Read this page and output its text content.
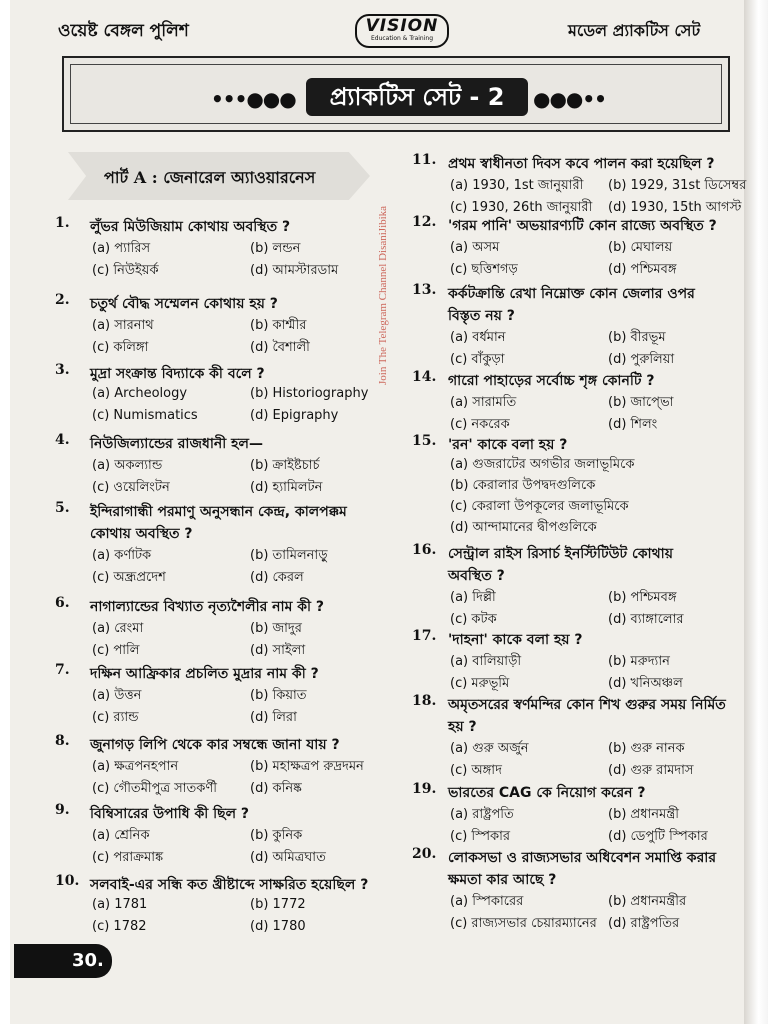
ওয়েষ্ট বেঙ্গল পুলিশ	VISION
Education & Training	মডেল প্র্যাকটিস সেট
•••●●●	প্র্যাকটিস সেট - 2	●●●••
পার্ট A : জেনারেল অ্যাওয়ারনেস
Join The Telegram Channel DisaniJibika
1. লুঁভর মিউজিয়াম কোথায় অবস্থিত ?
(a) প্যারিস	(b) লন্ডন
(c) নিউইয়র্ক	(d) আমস্টারডাম
2. চতুর্থ বৌদ্ধ সম্মেলন কোথায় হয় ?
(a) সারনাথ	(b) কাশ্মীর
(c) কলিঙ্গা	(d) বৈশালী
3. মুদ্রা সংক্রান্ত বিদ্যাকে কী বলে ?
(a) Archeology	(b) Historiography
(c) Numismatics	(d) Epigraphy
4. নিউজিল্যান্ডের রাজধানী হল—
(a) অকল্যান্ড	(b) ক্রাইষ্টচার্চ
(c) ওয়েলিংটন	(d) হ্যামিলটন
5. ইন্দিরাগান্ধী পরমাণু অনুসন্ধান কেন্দ্র, কালপক্কম
কোথায় অবস্থিত ?
(a) কর্ণাটক	(b) তামিলনাড়ু
(c) অন্ধ্রপ্রদেশ	(d) কেরল
6. নাগাল্যান্ডের বিখ্যাত নৃত্যশৈলীর নাম কী ?
(a) রেংমা	(b) জাদুর
(c) পালি	(d) সাইলা
7. দক্ষিন আফ্রিকার প্রচলিত মুদ্রার নাম কী ?
(a) উত্তন	(b) কিয়াত
(c) র‍্যান্ড	(d) লিরা
8. জুনাগড় লিপি থেকে কার সম্বন্ধে জানা যায় ?
(a) ক্ষত্রপনহপান	(b) মহাক্ষত্রপ রুদ্রদমন
(c) গৌতমীপুত্র সাতকর্ণী	(d) কনিষ্ক
9. বিম্বিসারের উপাধি কী ছিল ?
(a) শ্রেনিক	(b) কুনিক
(c) পরাক্রমাঙ্ক	(d) অমিত্রঘাত
10. সলবাই-এর সন্ধি কত খ্রীষ্টাব্দে সাক্ষরিত হয়েছিল ?
(a) 1781	(b) 1772
(c) 1782	(d) 1780
11. প্রথম স্বাধীনতা দিবস কবে পালন করা হয়েছিল ?
(a) 1930, 1st জানুয়ারী (b) 1929, 31st ডিসেম্বর
(c) 1930, 26th জানুয়ারী (d) 1930, 15th আগস্ট
12. 'গরম পানি' অভয়ারণ্যটি কোন রাজ্যে অবস্থিত ?
(a) অসম	(b) মেঘালয়
(c) ছত্তিশগড়	(d) পশ্চিমবঙ্গ
13. কর্কটক্রান্তি রেখা নিম্নোক্ত কোন জেলার ওপর
বিস্তৃত নয় ?
(a) বর্ধমান	(b) বীরভূম
(c) বাঁকুড়া	(d) পুরুলিয়া
14. গারো পাহাড়ের সর্বোচ্চ শৃঙ্গ কোনটি ?
(a) সারামতি	(b) জাপ্ভো
(c) নকরেক	(d) শিলং
15. 'রন' কাকে বলা হয় ?
(a) গুজরাটের অগভীর জলাভূমিকে
(b) কেরালার উপদ্বদগুলিকে
(c) কেরালা উপকূলের জলাভূমিকে
(d) আন্দামানের দ্বীপগুলিকে
16. সেন্ট্রাল রাইস রিসার্চ ইনস্টিটিউট কোথায়
অবস্থিত ?
(a) দিল্লী	(b) পশ্চিমবঙ্গ
(c) কটক	(d) ব্যাঙ্গালোর
17. 'দাহনা' কাকে বলা হয় ?
(a) বালিয়াড়ী	(b) মরুদ্যান
(c) মরুভূমি	(d) খনিঅঞ্চল
18. অমৃতসরের স্বর্ণমন্দির কোন শিখ গুরুর সময় নির্মিত
হয় ?
(a) গুরু অর্জুন	(b) গুরু নানক
(c) অঙ্গাদ	(d) গুরু রামদাস
19. ভারতের CAG কে নিয়োগ করেন ?
(a) রাষ্ট্রপতি	(b) প্রধানমন্ত্রী
(c) স্পিকার	(d) ডেপুটি স্পিকার
20. লোকসভা ও রাজ্যসভার অধিবেশন সমাপ্তি করার
ক্ষমতা কার আছে ?
(a) স্পিকারের	(b) প্রধানমন্ত্রীর
(c) রাজ্যসভার চেয়ারম্যানের (d) রাষ্ট্রপতির
30.
